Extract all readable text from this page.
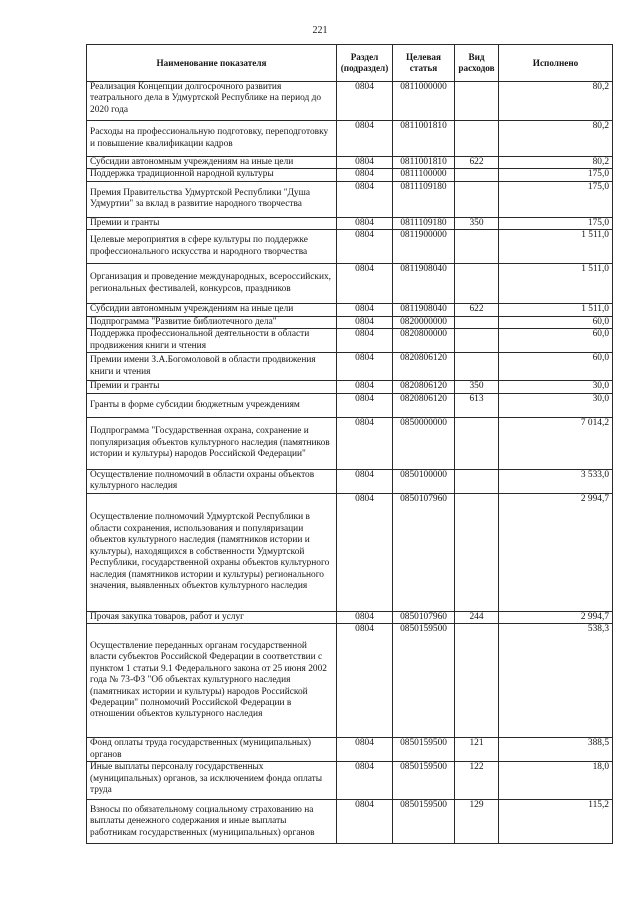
221
Наименование показателя	Раздел (подраздел)	Целевая статья	Вид расходов	Исполнено
Реализация Концепции долгосрочного развития театрального дела в Удмуртской Республике на период до 2020 года	0804	0811000000		80,2
Расходы на профессиональную подготовку, переподготовку и повышение квалификации кадров	0804	0811001810		80,2
Субсидии автономным учреждениям на иные цели	0804	0811001810	622	80,2
Поддержка традиционной народной культуры	0804	0811100000		175,0
Премия Правительства Удмуртской Республики "Душа Удмуртии" за вклад в развитие народного творчества	0804	0811109180		175,0
Премии и гранты	0804	0811109180	350	175,0
Целевые мероприятия в сфере культуры по поддержке профессионального искусства и народного творчества	0804	0811900000		1 511,0
Организация и проведение международных, всероссийских, региональных фестивалей, конкурсов, праздников	0804	0811908040		1 511,0
Субсидии автономным учреждениям на иные цели	0804	0811908040	622	1 511,0
Подпрограмма "Развитие библиотечного дела"	0804	0820000000		60,0
Поддержка профессиональной деятельности в области продвижения книги и чтения	0804	0820800000		60,0
Премии имени З.А.Богомоловой в области продвижения книги и чтения	0804	0820806120		60,0
Премии и гранты	0804	0820806120	350	30,0
Гранты в форме субсидии бюджетным учреждениям	0804	0820806120	613	30,0
Подпрограмма "Государственная охрана, сохранение и популяризация объектов культурного наследия (памятников истории и культуры) народов Российской Федерации"	0804	0850000000		7 014,2
Осуществление полномочий в области охраны объектов культурного наследия	0804	0850100000		3 533,0
Осуществление полномочий Удмуртской Республики в области сохранения, использования и популяризации объектов культурного наследия (памятников истории и культуры), находящихся в собственности Удмуртской Республики, государственной охраны объектов культурного наследия (памятников истории и культуры) регионального значения, выявленных объектов культурного наследия	0804	0850107960		2 994,7
Прочая закупка товаров, работ и услуг	0804	0850107960	244	2 994,7
Осуществление переданных органам государственной власти субъектов Российской Федерации в соответствии с пунктом 1 статьи 9.1 Федерального закона от 25 июня 2002 года № 73-ФЗ "Об объектах культурного наследия (памятниках истории и культуры) народов Российской Федерации" полномочий Российской Федерации в отношении объектов культурного наследия	0804	0850159500		538,3
Фонд оплаты труда государственных (муниципальных) органов	0804	0850159500	121	388,5
Иные выплаты персоналу государственных (муниципальных) органов, за исключением фонда оплаты труда	0804	0850159500	122	18,0
Взносы по обязательному социальному страхованию на выплаты денежного содержания и иные выплаты работникам государственных (муниципальных) органов	0804	0850159500	129	115,2
